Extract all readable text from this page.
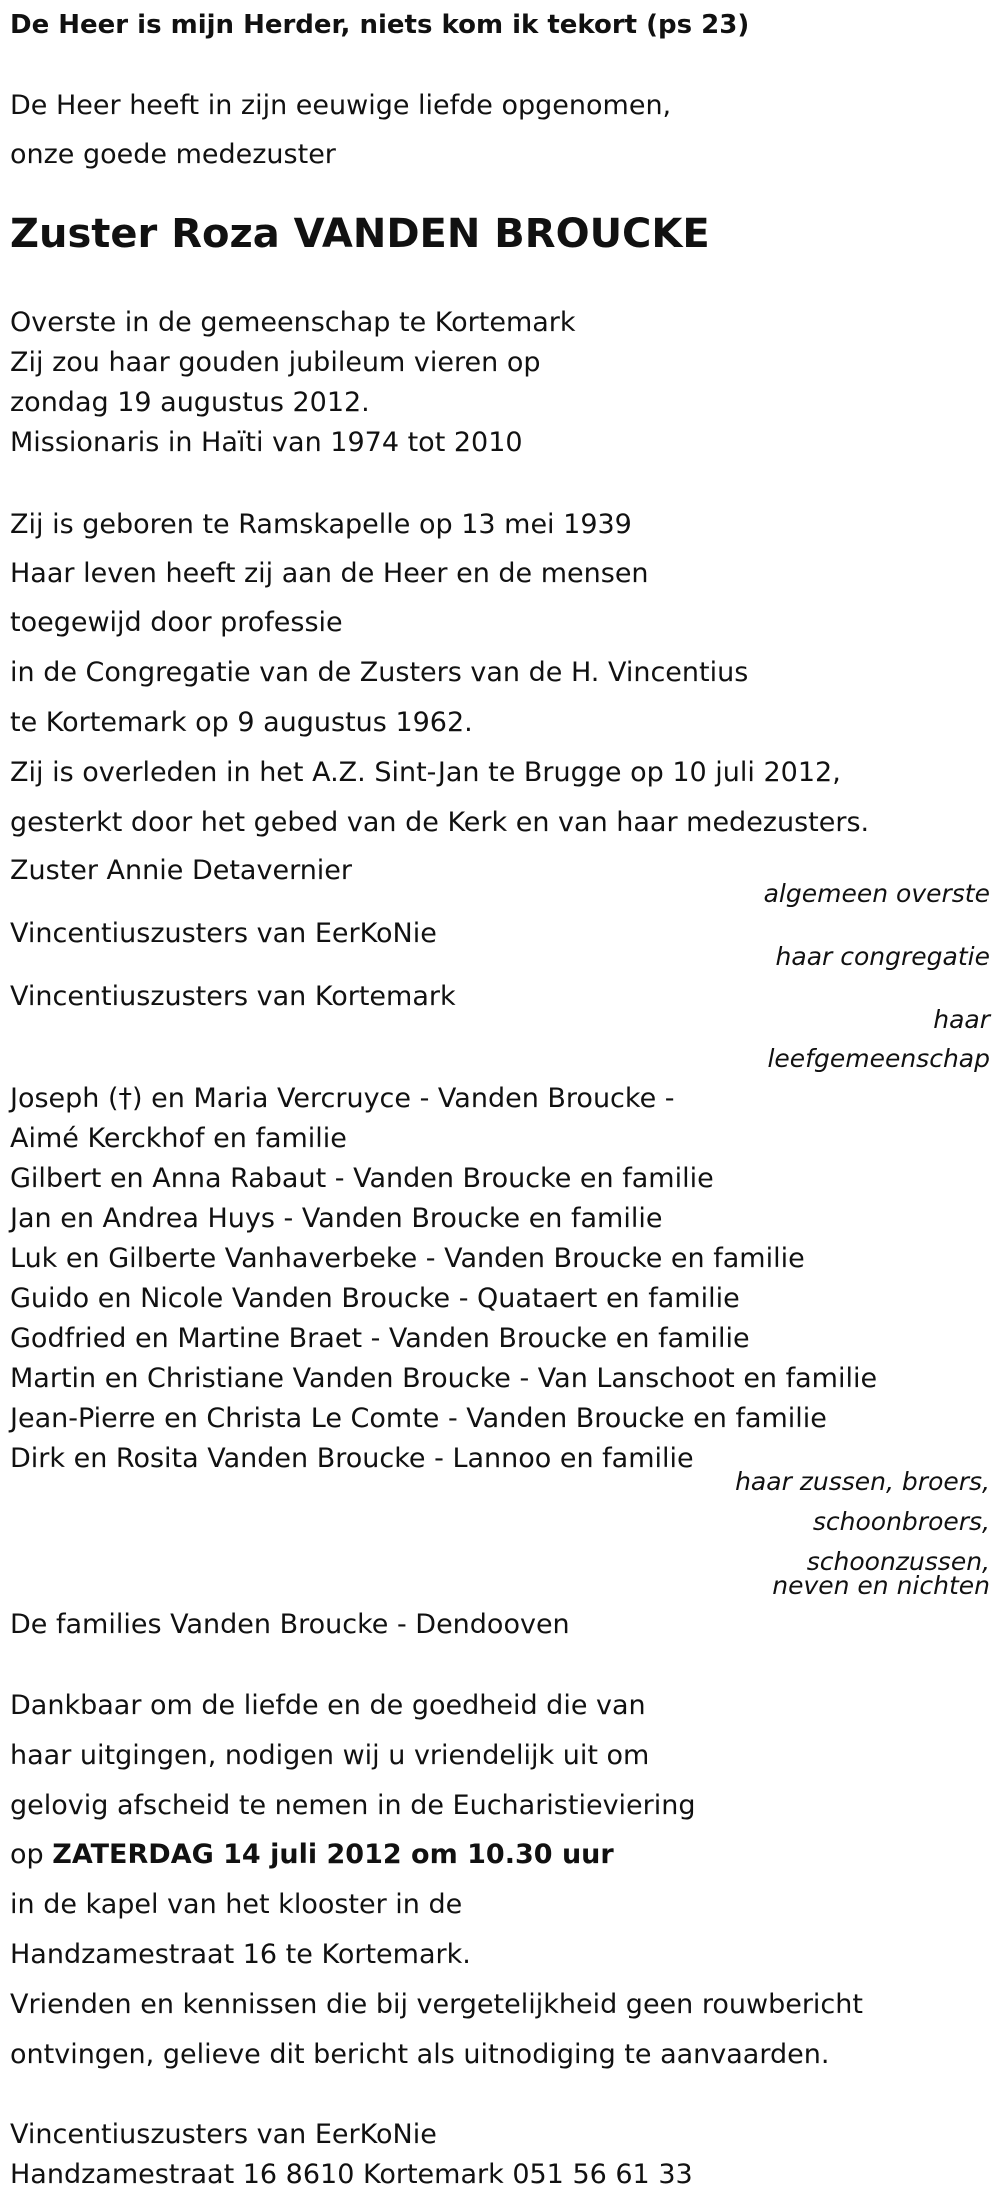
De Heer is mijn Herder, niets kom ik tekort (ps 23)

De Heer heeft in zijn eeuwige liefde opgenomen,

onze goede medezuster

Zuster Roza VANDEN BROUCKE

Overste in de gemeenschap te Kortemark

Zij zou haar gouden jubileum vieren op

zondag 19 augustus 2012.

Missionaris in Haïti van 1974 tot 2010

Zij is geboren te Ramskapelle op 13 mei 1939

Haar leven heeft zij aan de Heer en de mensen

toegewijd door professie

in de Congregatie van de Zusters van de H. Vincentius

te Kortemark op 9 augustus 1962.

Zij is overleden in het A.Z. Sint-Jan te Brugge op 10 juli 2012,

gesterkt door het gebed van de Kerk en van haar medezusters.

Zuster Annie Detavernier

algemeen overste

Vincentiuszusters van EerKoNie

haar congregatie

Vincentiuszusters van Kortemark

haar

leefgemeenschap

Joseph (†) en Maria Vercruyce - Vanden Broucke -

Aimé Kerckhof en familie

Gilbert en Anna Rabaut - Vanden Broucke en familie

Jan en Andrea Huys - Vanden Broucke en familie

Luk en Gilberte Vanhaverbeke - Vanden Broucke en familie

Guido en Nicole Vanden Broucke - Quataert en familie

Godfried en Martine Braet - Vanden Broucke en familie

Martin en Christiane Vanden Broucke - Van Lanschoot en familie

Jean-Pierre en Christa Le Comte - Vanden Broucke en familie

Dirk en Rosita Vanden Broucke - Lannoo en familie

haar zussen, broers,

schoonbroers,

schoonzussen,

neven en nichten

De families Vanden Broucke - Dendooven

Dankbaar om de liefde en de goedheid die van

haar uitgingen, nodigen wij u vriendelijk uit om

gelovig afscheid te nemen in de Eucharistieviering

op ZATERDAG 14 juli 2012 om 10.30 uur

in de kapel van het klooster in de

Handzamestraat 16 te Kortemark.

Vrienden en kennissen die bij vergetelijkheid geen rouwbericht

ontvingen, gelieve dit bericht als uitnodiging te aanvaarden.

Vincentiuszusters van EerKoNie

Handzamestraat 16 8610 Kortemark 051 56 61 33
